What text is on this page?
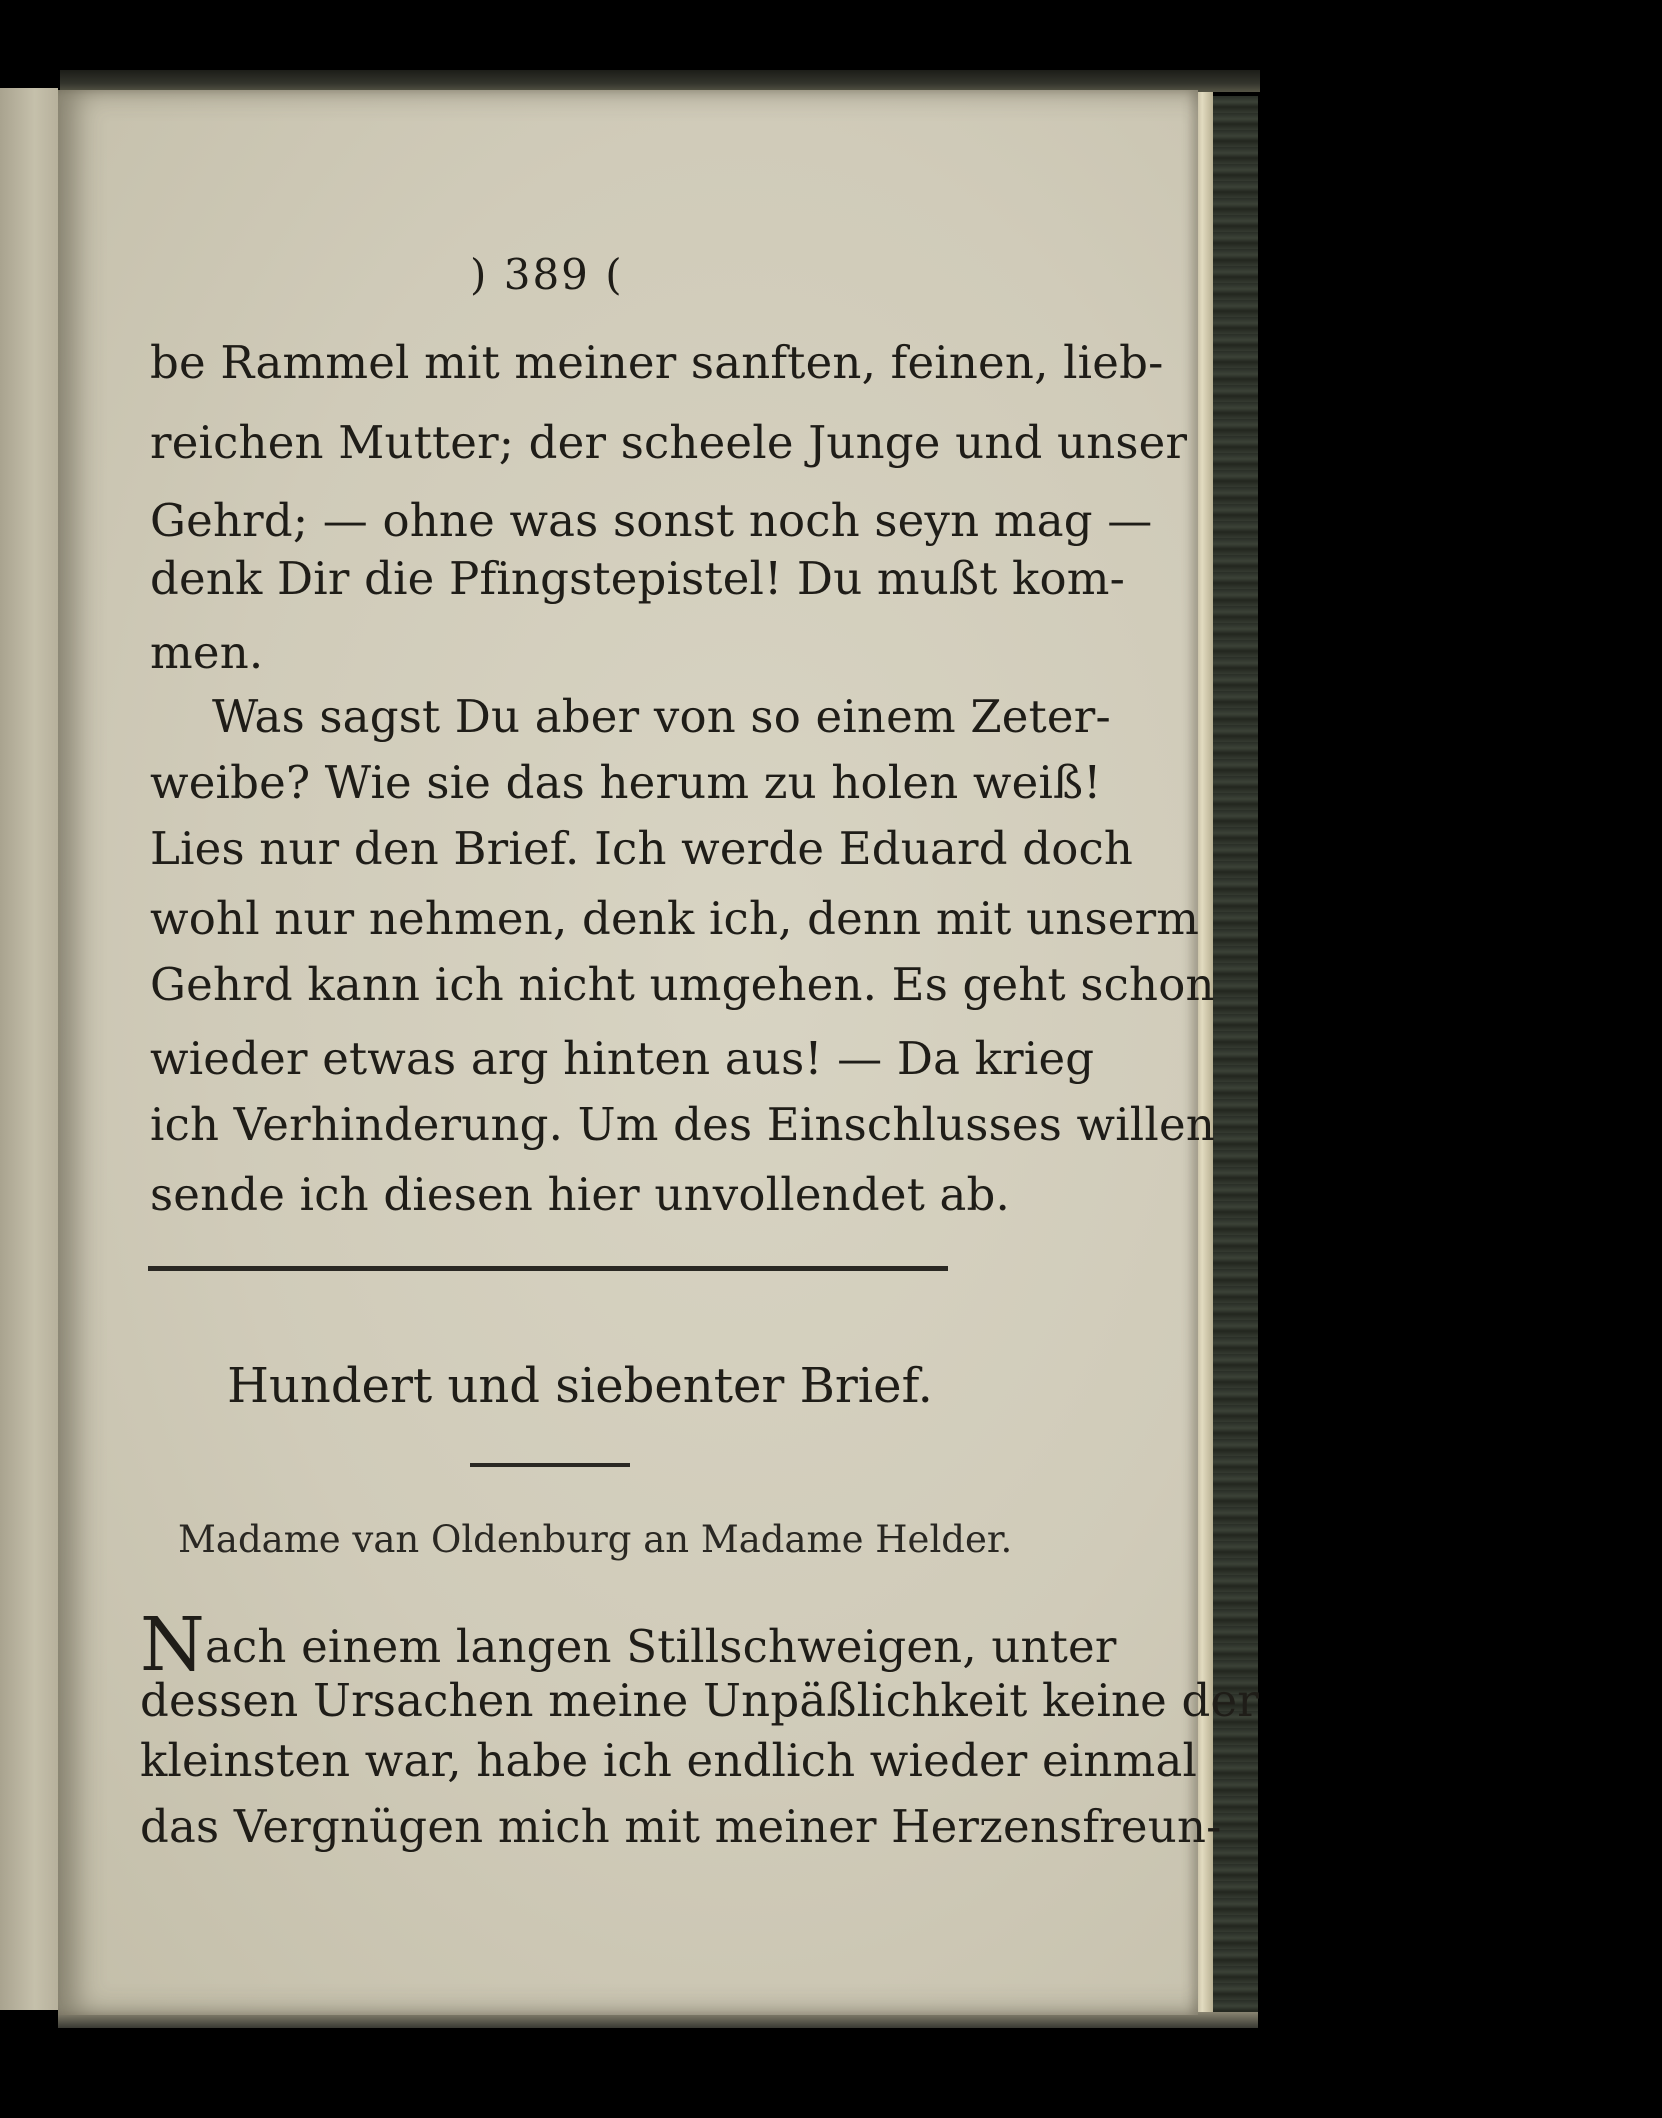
) 389 (
be Rammel mit meiner sanften, feinen, lieb-
reichen Mutter; der scheele Junge und unser
Gehrd; — ohne was sonst noch seyn mag —
denk Dir die Pfingstepistel! Du mußt kom-
men.
Was sagst Du aber von so einem Zeter-
weibe? Wie sie das herum zu holen weiß!
Lies nur den Brief. Ich werde Eduard doch
wohl nur nehmen, denk ich, denn mit unserm
Gehrd kann ich nicht umgehen. Es geht schon
wieder etwas arg hinten aus! — Da krieg
ich Verhinderung. Um des Einschlusses willen
sende ich diesen hier unvollendet ab.
Hundert und siebenter Brief.
Madame van Oldenburg an Madame Helder.
Nach einem langen Stillschweigen, unter
dessen Ursachen meine Unpäßlichkeit keine der
kleinsten war, habe ich endlich wieder einmal
das Vergnügen mich mit meiner Herzensfreun-
